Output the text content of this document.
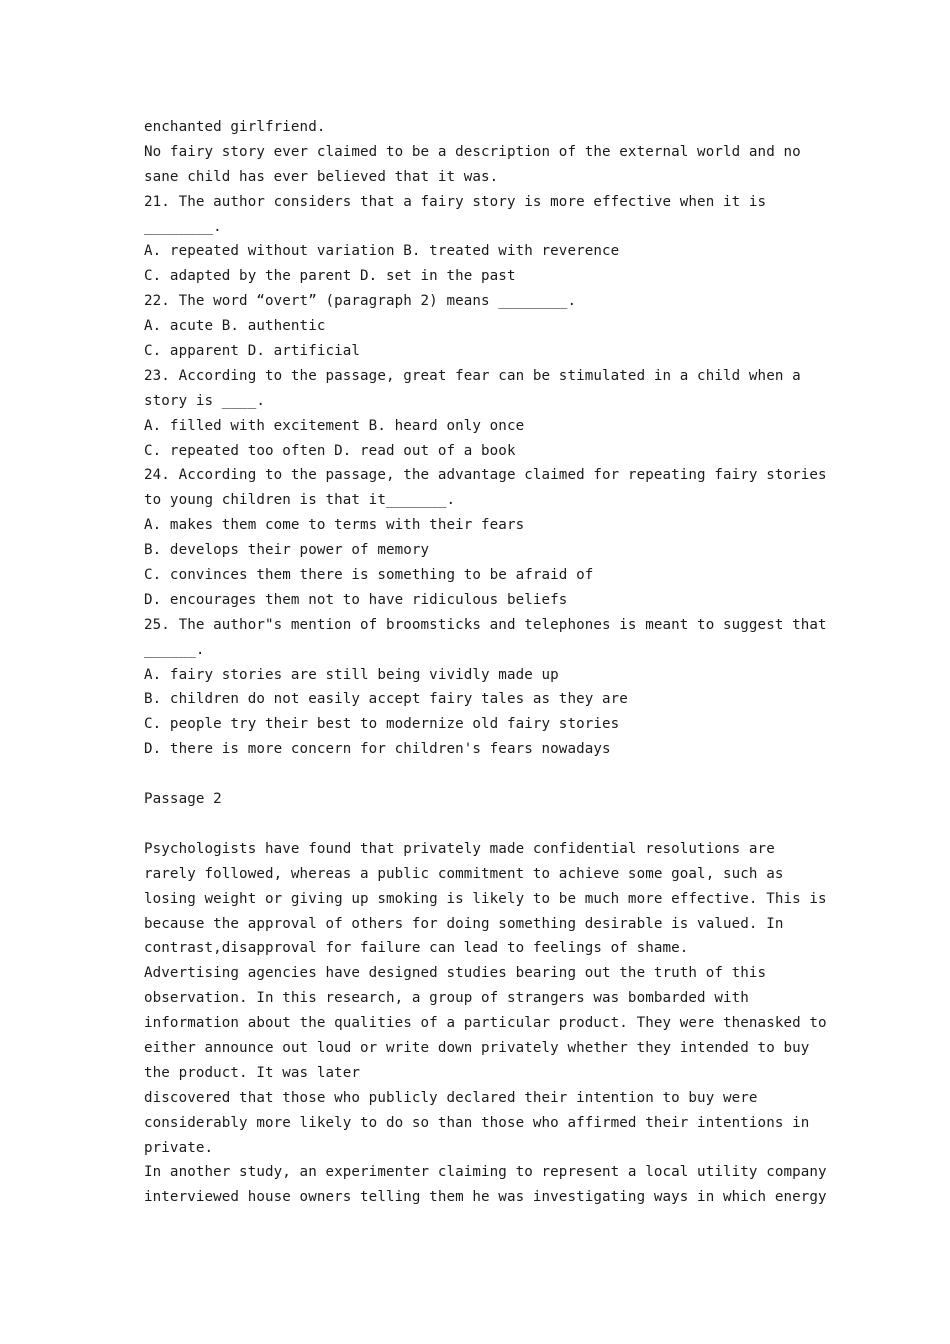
enchanted girlfriend.
No fairy story ever claimed to be a description of the external world and no
sane child has ever believed that it was.
21. The author considers that a fairy story is more effective when it is
________.
A. repeated without variation B. treated with reverence
C. adapted by the parent D. set in the past
22. The word “overt” (paragraph 2) means ________.
A. acute B. authentic
C. apparent D. artificial
23. According to the passage, great fear can be stimulated in a child when a
story is ____.
A. filled with excitement B. heard only once
C. repeated too often D. read out of a book
24. According to the passage, the advantage claimed for repeating fairy stories
to young children is that it_______.
A. makes them come to terms with their fears
B. develops their power of memory
C. convinces them there is something to be afraid of
D. encourages them not to have ridiculous beliefs
25. The author"s mention of broomsticks and telephones is meant to suggest that
______.
A. fairy stories are still being vividly made up
B. children do not easily accept fairy tales as they are
C. people try their best to modernize old fairy stories
D. there is more concern for children's fears nowadays
Passage 2
Psychologists have found that privately made confidential resolutions are
rarely followed, whereas a public commitment to achieve some goal, such as
losing weight or giving up smoking is likely to be much more effective. This is
because the approval of others for doing something desirable is valued. In
contrast,disapproval for failure can lead to feelings of shame.
Advertising agencies have designed studies bearing out the truth of this
observation. In this research, a group of strangers was bombarded with
information about the qualities of a particular product. They were thenasked to
either announce out loud or write down privately whether they intended to buy
the product. It was later
discovered that those who publicly declared their intention to buy were
considerably more likely to do so than those who affirmed their intentions in
private.
In another study, an experimenter claiming to represent a local utility company
interviewed house owners telling them he was investigating ways in which energy
